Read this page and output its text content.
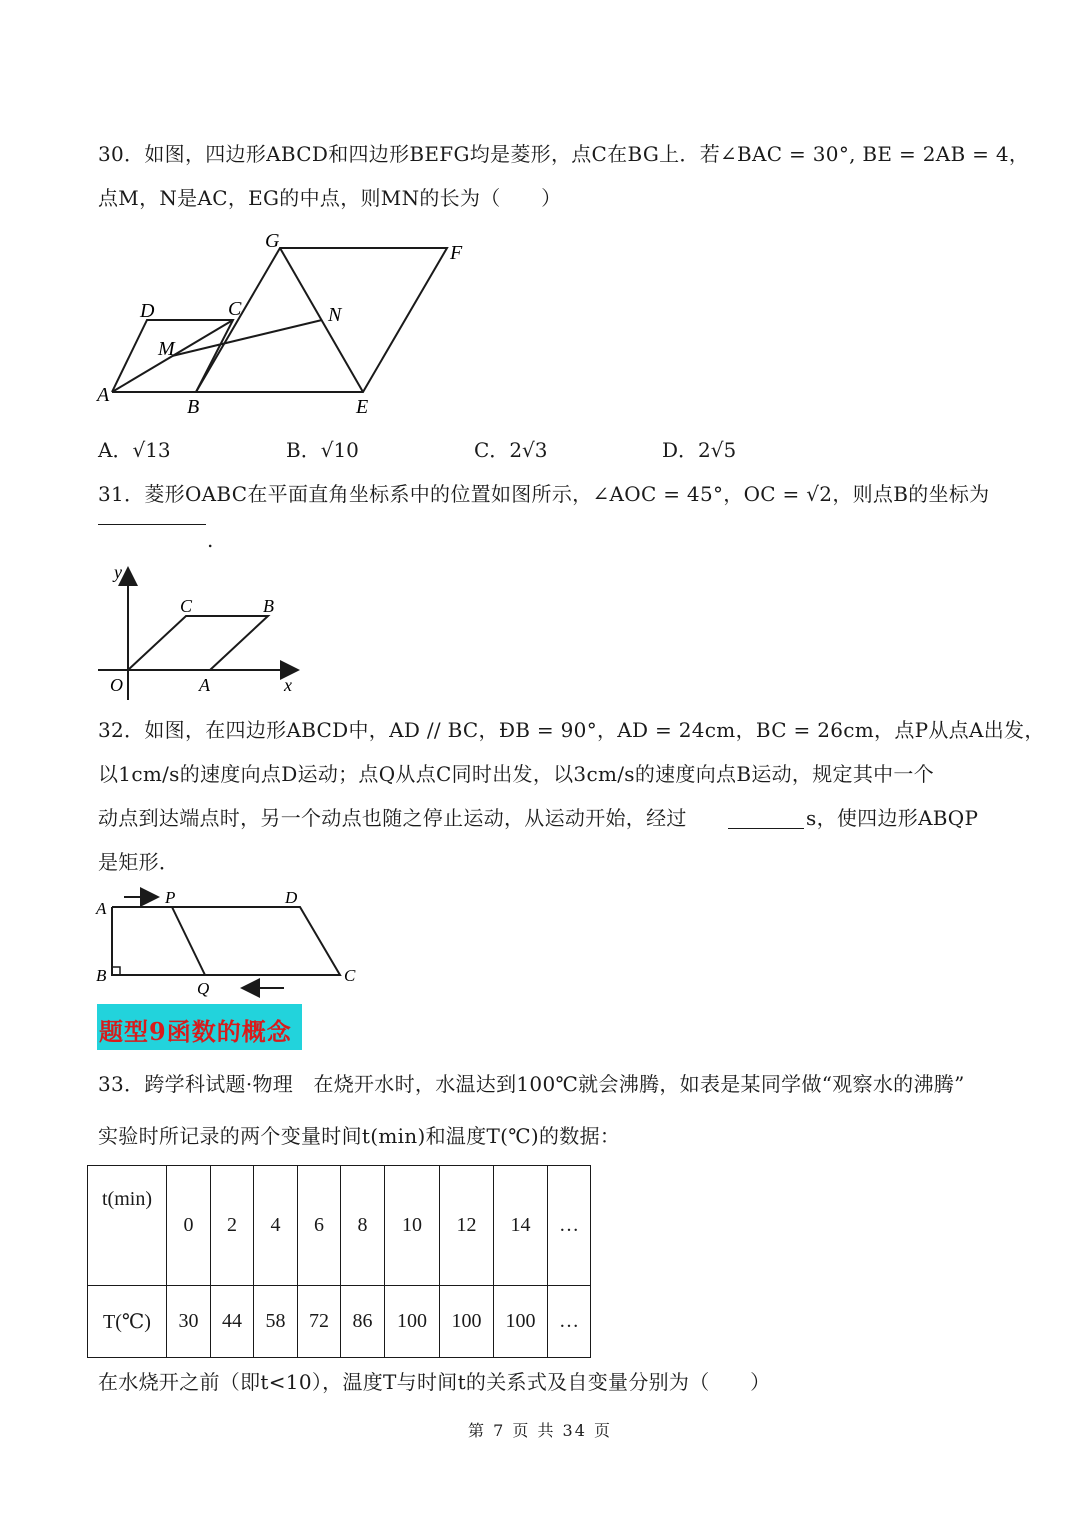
30．如图，四边形ABCD和四边形BEFG均是菱形，点C在BG上．若∠BAC = 30°, BE = 2AB = 4，
点M，N是AC，EG的中点，则MN的长为（　　）
G
F
D	C	N
M
A
B	E
A．√13	B．√10	C．2√3	D．2√5
31．菱形OABC在平面直角坐标系中的位置如图所示，∠AOC = 45°，OC = √2，则点B的坐标为
.
y
C	B
O	A	x
32．如图，在四边形ABCD中，AD // BC，ÐB = 90°，AD = 24cm，BC = 26cm，点P从点A出发，
以1cm/s的速度向点D运动；点Q从点C同时出发，以3cm/s的速度向点B运动，规定其中一个
动点到达端点时，另一个动点也随之停止运动，从运动开始，经过	s，使四边形ABQP
是矩形．
A
P	D
B
Q
C
题型9函数的概念
33．跨学科试题·物理　在烧开水时，水温达到100℃就会沸腾，如表是某同学做“观察水的沸腾”
实验时所记录的两个变量时间t(min)和温度T(℃)的数据：
t(min)	0	2	4	6	8	10	12	14	…
T(℃)	30	44	58	72	86	100	100	100	…
在水烧开之前（即t<10），温度T与时间t的关系式及自变量分别为（　　）
第 7 页 共 34 页
